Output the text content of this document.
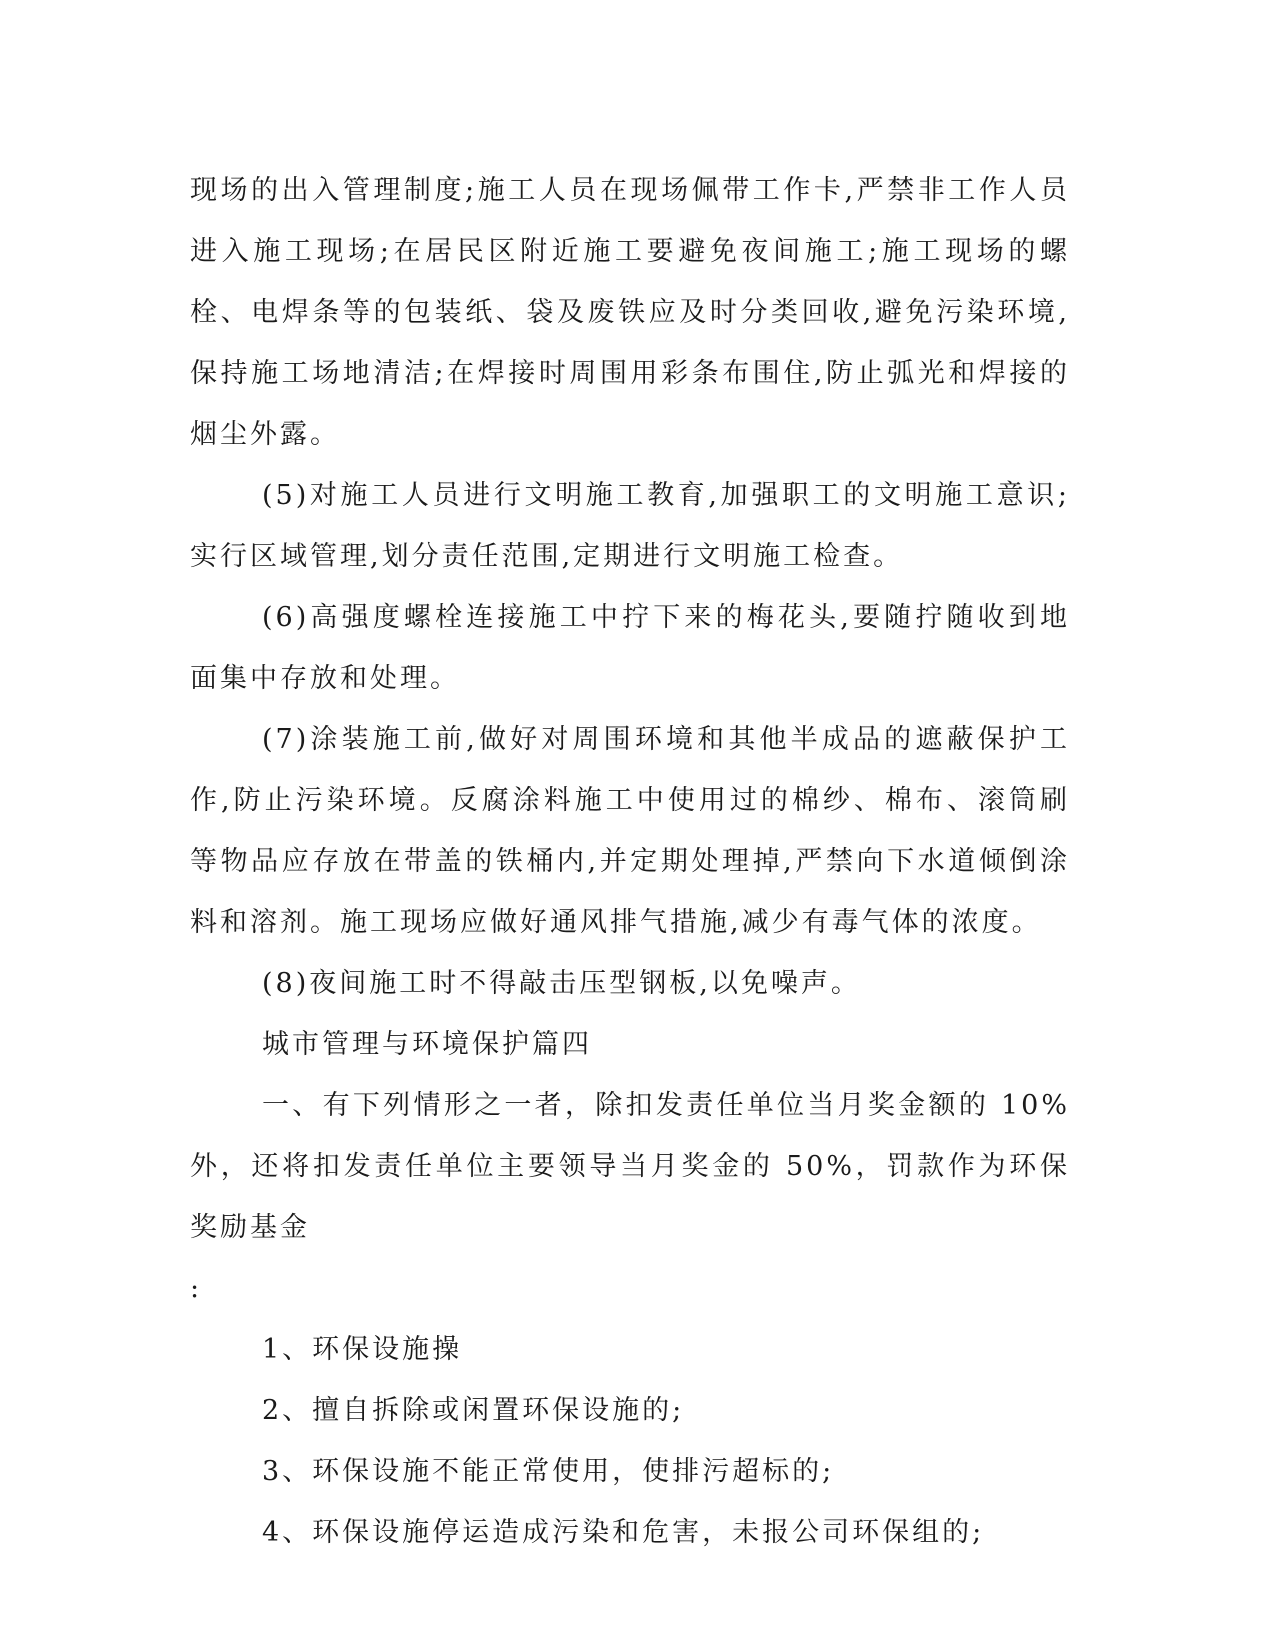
现场的出入管理制度;施工人员在现场佩带工作卡,严禁非工作人员进入施工现场;在居民区附近施工要避免夜间施工;施工现场的螺栓、电焊条等的包装纸、袋及废铁应及时分类回收,避免污染环境,保持施工场地清洁;在焊接时周围用彩条布围住,防止弧光和焊接的烟尘外露。

(5)对施工人员进行文明施工教育,加强职工的文明施工意识;实行区域管理,划分责任范围,定期进行文明施工检查。

(6)高强度螺栓连接施工中拧下来的梅花头,要随拧随收到地面集中存放和处理。

(7)涂装施工前,做好对周围环境和其他半成品的遮蔽保护工作,防止污染环境。反腐涂料施工中使用过的棉纱、棉布、滚筒刷等物品应存放在带盖的铁桶内,并定期处理掉,严禁向下水道倾倒涂料和溶剂。施工现场应做好通风排气措施,减少有毒气体的浓度。

(8)夜间施工时不得敲击压型钢板,以免噪声。

城市管理与环境保护篇四

一、有下列情形之一者，除扣发责任单位当月奖金额的 10%外，还将扣发责任单位主要领导当月奖金的 50%，罚款作为环保奖励基金

:

1、环保设施操

2、擅自拆除或闲置环保设施的;

3、环保设施不能正常使用，使排污超标的;

4、环保设施停运造成污染和危害，未报公司环保组的;
